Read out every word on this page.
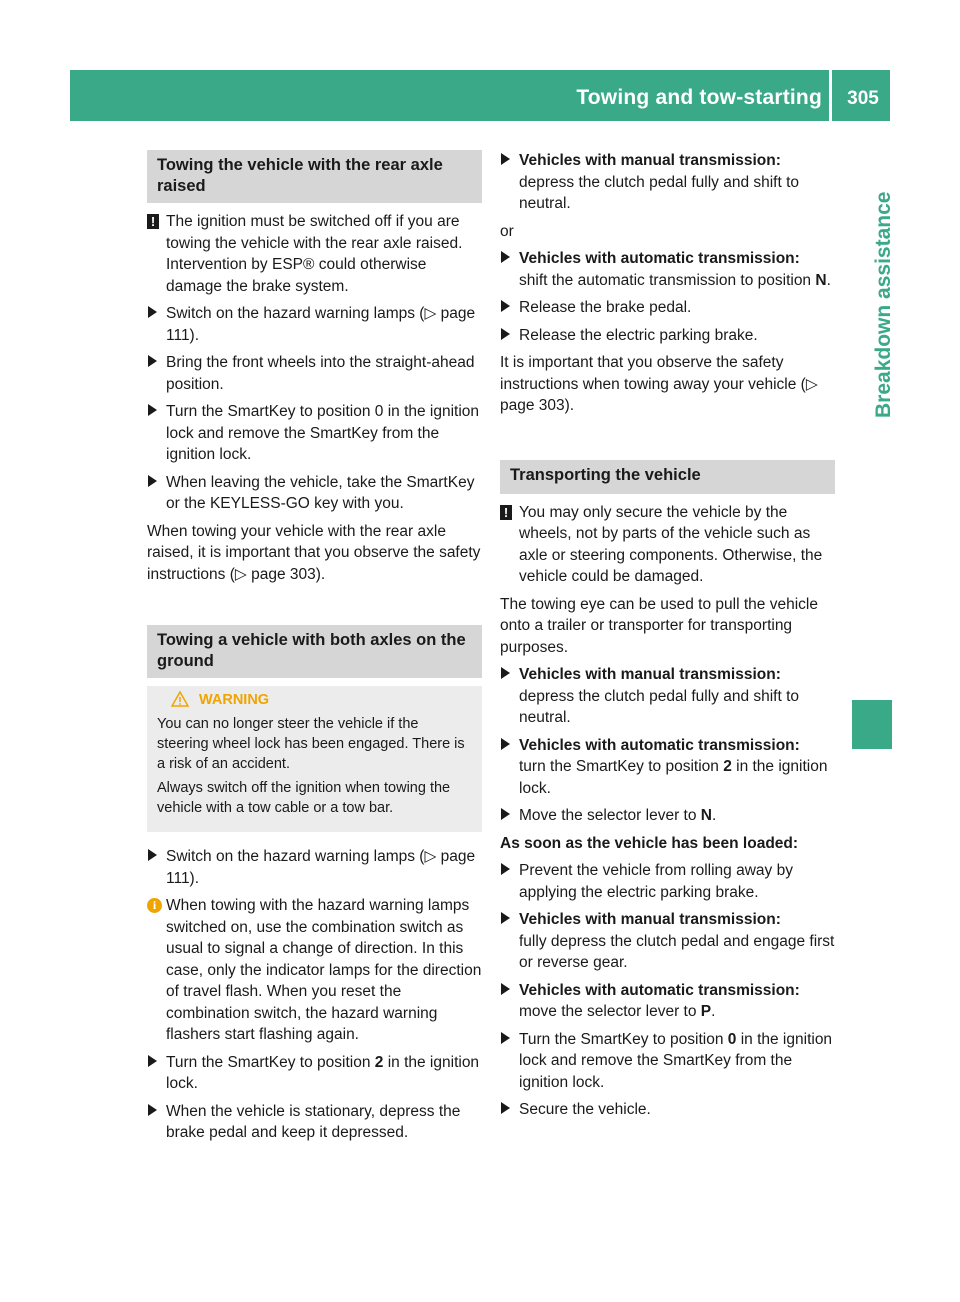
Towing and tow-starting	305
Breakdown assistance
Towing the vehicle with the rear axle raised
! The ignition must be switched off if you are towing the vehicle with the rear axle raised. Intervention by ESP® could otherwise damage the brake system.
Switch on the hazard warning lamps (▷ page 111).
Bring the front wheels into the straight-ahead position.
Turn the SmartKey to position 0 in the ignition lock and remove the SmartKey from the ignition lock.
When leaving the vehicle, take the SmartKey or the KEYLESS-GO key with you.
When towing your vehicle with the rear axle raised, it is important that you observe the safety instructions (▷ page 303).
Towing a vehicle with both axles on the ground
WARNING
You can no longer steer the vehicle if the steering wheel lock has been engaged. There is a risk of an accident.
Always switch off the ignition when towing the vehicle with a tow cable or a tow bar.
Switch on the hazard warning lamps (▷ page 111).
i When towing with the hazard warning lamps switched on, use the combination switch as usual to signal a change of direction. In this case, only the indicator lamps for the direction of travel flash. When you reset the combination switch, the hazard warning flashers start flashing again.
Turn the SmartKey to position 2 in the ignition lock.
When the vehicle is stationary, depress the brake pedal and keep it depressed.
Vehicles with manual transmission:
depress the clutch pedal fully and shift to neutral.
or
Vehicles with automatic transmission:
shift the automatic transmission to position N.
Release the brake pedal.
Release the electric parking brake.
It is important that you observe the safety instructions when towing away your vehicle (▷ page 303).
Transporting the vehicle
! You may only secure the vehicle by the wheels, not by parts of the vehicle such as axle or steering components. Otherwise, the vehicle could be damaged.
The towing eye can be used to pull the vehicle onto a trailer or transporter for transporting purposes.
Vehicles with manual transmission:
depress the clutch pedal fully and shift to neutral.
Vehicles with automatic transmission:
turn the SmartKey to position 2 in the ignition lock.
Move the selector lever to N.
As soon as the vehicle has been loaded:
Prevent the vehicle from rolling away by applying the electric parking brake.
Vehicles with manual transmission:
fully depress the clutch pedal and engage first or reverse gear.
Vehicles with automatic transmission:
move the selector lever to P.
Turn the SmartKey to position 0 in the ignition lock and remove the SmartKey from the ignition lock.
Secure the vehicle.
